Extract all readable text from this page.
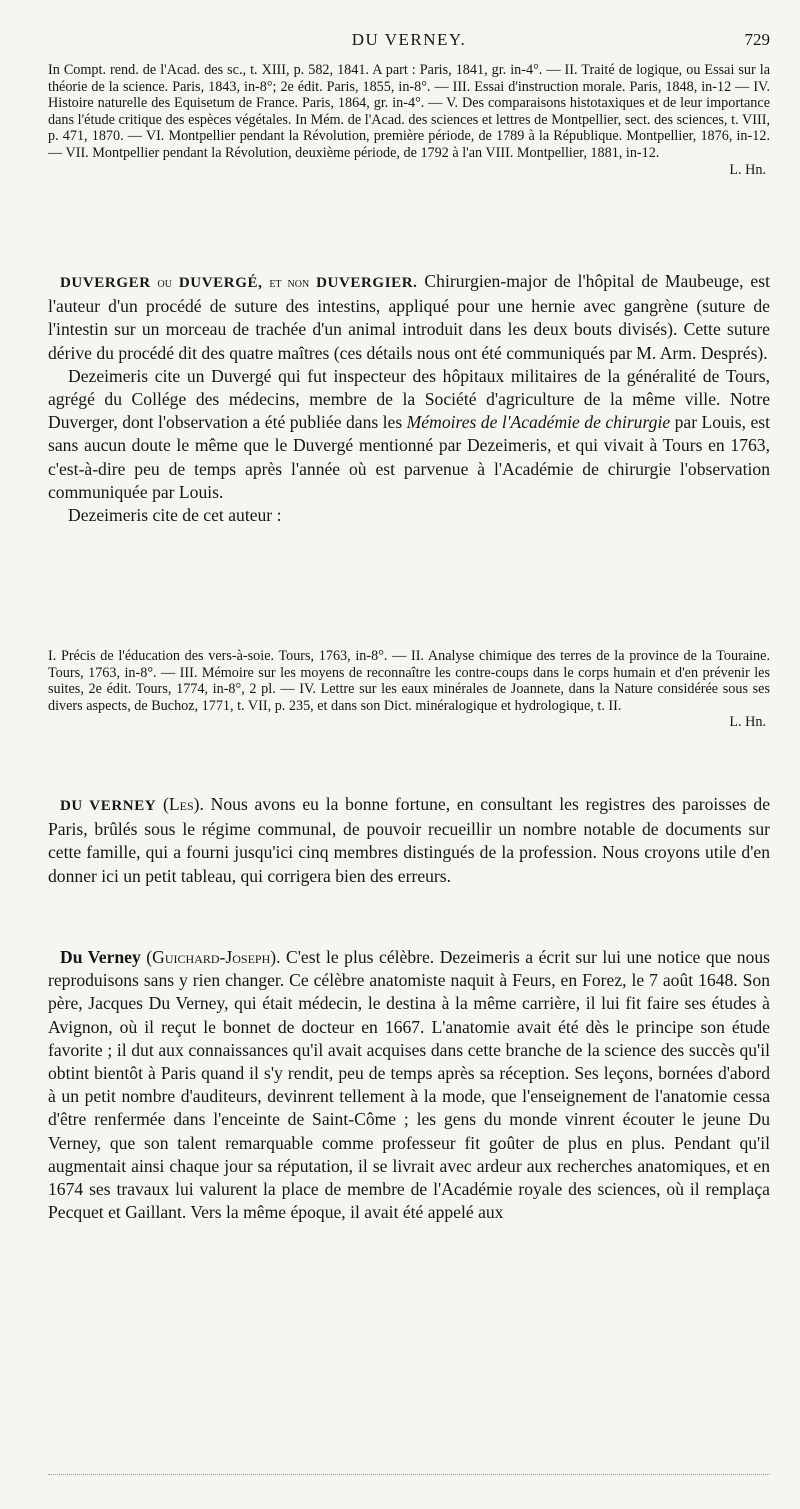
DU VERNEY.	729

In Compt. rend. de l'Acad. des sc., t. XIII, p. 582, 1841. A part : Paris, 1841, gr. in-4°. — II. Traité de logique, ou Essai sur la théorie de la science. Paris, 1843, in-8°; 2e édit. Paris, 1855, in-8°. — III. Essai d'instruction morale. Paris, 1848, in-12 — IV. Histoire naturelle des Equisetum de France. Paris, 1864, gr. in-4°. — V. Des comparaisons histotaxiques et de leur importance dans l'étude critique des espèces végétales. In Mém. de l'Acad. des sciences et lettres de Montpellier, sect. des sciences, t. VIII, p. 471, 1870. — VI. Montpellier pendant la Révolution, première période, de 1789 à la République. Montpellier, 1876, in-12. — VII. Montpellier pendant la Révolution, deuxième période, de 1792 à l'an VIII. Montpellier, 1881, in-12.

L. Hn.

DUVERGER ou DUVERGÉ, et non DUVERGIER. Chirurgien-major de l'hôpital de Maubeuge, est l'auteur d'un procédé de suture des intestins, appliqué pour une hernie avec gangrène (suture de l'intestin sur un morceau de trachée d'un animal introduit dans les deux bouts divisés). Cette suture dérive du procédé dit des quatre maîtres (ces détails nous ont été communiqués par M. Arm. Després).

Dezeimeris cite un Duvergé qui fut inspecteur des hôpitaux militaires de la généralité de Tours, agrégé du Collége des médecins, membre de la Société d'agriculture de la même ville. Notre Duverger, dont l'observation a été publiée dans les Mémoires de l'Académie de chirurgie par Louis, est sans aucun doute le même que le Duvergé mentionné par Dezeimeris, et qui vivait à Tours en 1763, c'est-à-dire peu de temps après l'année où est parvenue à l'Académie de chirurgie l'observation communiquée par Louis.

Dezeimeris cite de cet auteur :

I. Précis de l'éducation des vers-à-soie. Tours, 1763, in-8°. — II. Analyse chimique des terres de la province de la Touraine. Tours, 1763, in-8°. — III. Mémoire sur les moyens de reconnaître les contre-coups dans le corps humain et d'en prévenir les suites, 2e édit. Tours, 1774, in-8°, 2 pl. — IV. Lettre sur les eaux minérales de Joannete, dans la Nature considérée sous ses divers aspects, de Buchoz, 1771, t. VII, p. 235, et dans son Dict. minéralogique et hydrologique, t. II.

L. Hn.

DU VERNEY (Les). Nous avons eu la bonne fortune, en consultant les registres des paroisses de Paris, brûlés sous le régime communal, de pouvoir recueillir un nombre notable de documents sur cette famille, qui a fourni jusqu'ici cinq membres distingués de la profession. Nous croyons utile d'en donner ici un petit tableau, qui corrigera bien des erreurs.

Du Verney (Guichard-Joseph). C'est le plus célèbre. Dezeimeris a écrit sur lui une notice que nous reproduisons sans y rien changer. Ce célèbre anatomiste naquit à Feurs, en Forez, le 7 août 1648. Son père, Jacques Du Verney, qui était médecin, le destina à la même carrière, il lui fit faire ses études à Avignon, où il reçut le bonnet de docteur en 1667. L'anatomie avait été dès le principe son étude favorite ; il dut aux connaissances qu'il avait acquises dans cette branche de la science des succès qu'il obtint bientôt à Paris quand il s'y rendit, peu de temps après sa réception. Ses leçons, bornées d'abord à un petit nombre d'auditeurs, devinrent tellement à la mode, que l'enseignement de l'anatomie cessa d'être renfermée dans l'enceinte de Saint-Côme ; les gens du monde vinrent écouter le jeune Du Verney, que son talent remarquable comme professeur fit goûter de plus en plus. Pendant qu'il augmentait ainsi chaque jour sa réputation, il se livrait avec ardeur aux recherches anatomiques, et en 1674 ses travaux lui valurent la place de membre de l'Académie royale des sciences, où il remplaça Pecquet et Gaillant. Vers la même époque, il avait été appelé aux
